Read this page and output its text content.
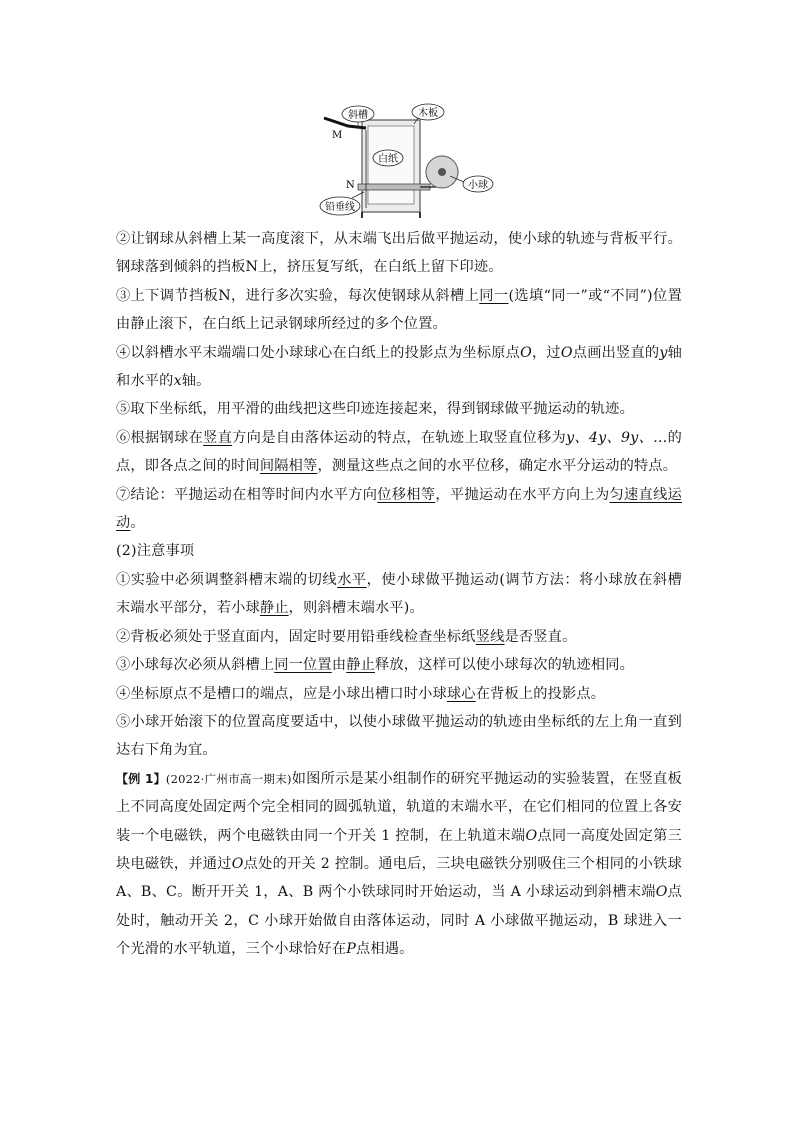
斜槽	木板
白纸
小球
铅垂线
M
N

②让钢球从斜槽上某一高度滚下，从末端飞出后做平抛运动，使小球的轨迹与背板平行。钢球落到倾斜的挡板N上，挤压复写纸，在白纸上留下印迹。

③上下调节挡板N，进行多次实验，每次使钢球从斜槽上同一(选填“同一”或“不同”)位置由静止滚下，在白纸上记录钢球所经过的多个位置。

④以斜槽水平末端端口处小球球心在白纸上的投影点为坐标原点O，过O点画出竖直的y轴和水平的x轴。

⑤取下坐标纸，用平滑的曲线把这些印迹连接起来，得到钢球做平抛运动的轨迹。

⑥根据钢球在竖直方向是自由落体运动的特点，在轨迹上取竖直位移为y、4y、9y、…的点，即各点之间的时间间隔相等，测量这些点之间的水平位移，确定水平分运动的特点。

⑦结论：平抛运动在相等时间内水平方向位移相等，平抛运动在水平方向上为匀速直线运动。

(2)注意事项

①实验中必须调整斜槽末端的切线水平，使小球做平抛运动(调节方法：将小球放在斜槽末端水平部分，若小球静止，则斜槽末端水平)。

②背板必须处于竖直面内，固定时要用铅垂线检查坐标纸竖线是否竖直。

③小球每次必须从斜槽上同一位置由静止释放，这样可以使小球每次的轨迹相同。

④坐标原点不是槽口的端点，应是小球出槽口时小球球心在背板上的投影点。

⑤小球开始滚下的位置高度要适中，以使小球做平抛运动的轨迹由坐标纸的左上角一直到达右下角为宜。

【例 1】(2022·广州市高一期末)如图所示是某小组制作的研究平抛运动的实验装置，在竖直板上不同高度处固定两个完全相同的圆弧轨道，轨道的末端水平，在它们相同的位置上各安装一个电磁铁，两个电磁铁由同一个开关 1 控制，在上轨道末端O点同一高度处固定第三块电磁铁，并通过O点处的开关 2 控制。通电后，三块电磁铁分别吸住三个相同的小铁球 A、B、C。断开开关 1，A、B 两个小铁球同时开始运动，当 A 小球运动到斜槽末端O点处时，触动开关 2，C 小球开始做自由落体运动，同时 A 小球做平抛运动，B 球进入一个光滑的水平轨道，三个小球恰好在P点相遇。
